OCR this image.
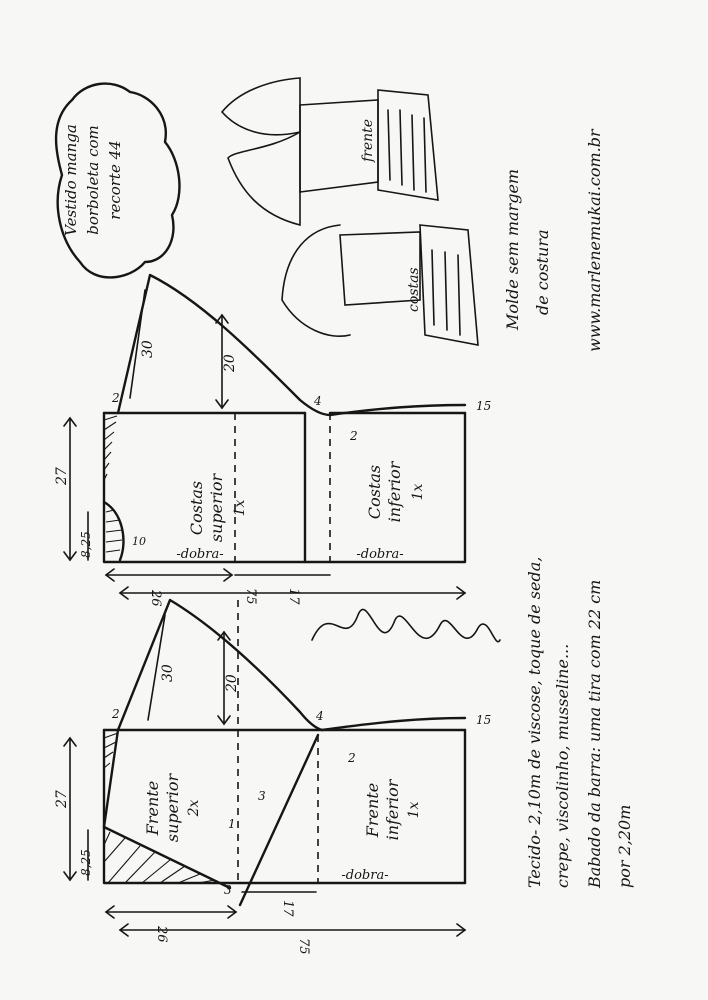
Vestido manga borboleta com recorte 44	frente
costas	Molde sem margem de costura www.marlenemukai.com.br
Costas superior 1x	Costas inferior 1x
-dobra-	-dobra-
27
8,25
30
20
26	75 17
2	4
2
10
15
Frente superior 2x	Frente inferior 1x
-dobra-
27
8,25
30
20
26
17
75
2	4	15
3
1
3
2
Marlene Mukai	Tecido- 2,10m de viscose, toque de seda, crepe, viscolinho, musseline... Babado da barra: uma tira com 22 cm por 2,20m
